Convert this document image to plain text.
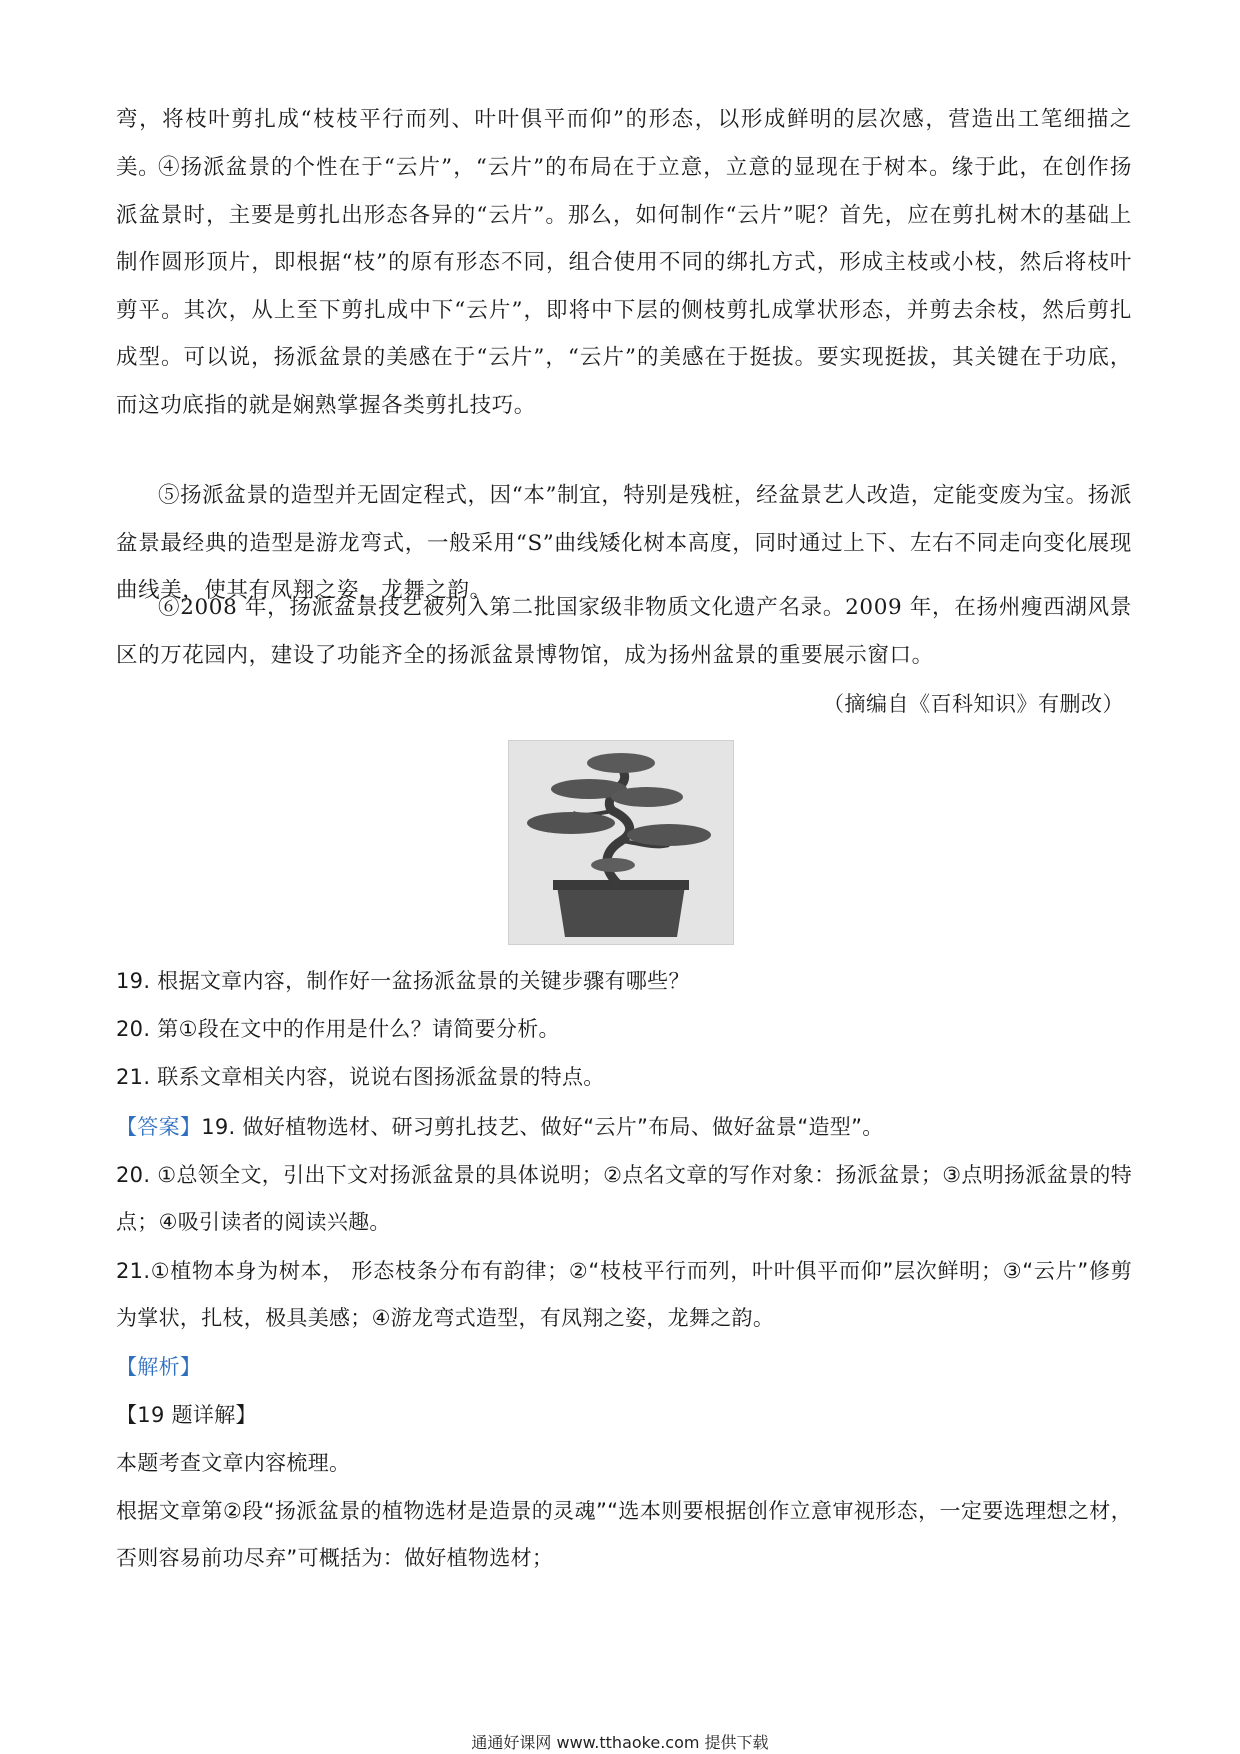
弯，将枝叶剪扎成“枝枝平行而列、叶叶俱平而仰”的形态，以形成鲜明的层次感，营造出工笔细描之美。
④扬派盆景的个性在于“云片”，“云片”的布局在于立意，立意的显现在于树本。缘于此，在创作扬派盆景时，主要是剪扎出形态各异的“云片”。那么，如何制作“云片”呢？首先，应在剪扎树木的基础上制作圆形顶片，即根据“枝”的原有形态不同，组合使用不同的绑扎方式，形成主枝或小枝，然后将枝叶剪平。其次，从上至下剪扎成中下“云片”，即将中下层的侧枝剪扎成掌状形态，并剪去余枝，然后剪扎成型。可以说，扬派盆景的美感在于“云片”，“云片”的美感在于挺拔。要实现挺拔，其关键在于功底，而这功底指的就是娴熟掌握各类剪扎技巧。
⑤扬派盆景的造型并无固定程式，因“本”制宜，特别是残桩，经盆景艺人改造，定能变废为宝。扬派盆景最经典的造型是游龙弯式，一般采用“S”曲线矮化树本高度，同时通过上下、左右不同走向变化展现曲线美，使其有凤翔之姿，龙舞之韵。
⑥2008 年，扬派盆景技艺被列入第二批国家级非物质文化遗产名录。2009 年，在扬州瘦西湖风景区的万花园内，建设了功能齐全的扬派盆景博物馆，成为扬州盆景的重要展示窗口。
（摘编自《百科知识》有删改）
19. 根据文章内容，制作好一盆扬派盆景的关键步骤有哪些？
20. 第①段在文中的作用是什么？请简要分析。
21. 联系文章相关内容，说说右图扬派盆景的特点。
【答案】19. 做好植物选材、研习剪扎技艺、做好“云片”布局、做好盆景“造型”。
20. ①总领全文，引出下文对扬派盆景的具体说明；②点名文章的写作对象：扬派盆景；③点明扬派盆景的特点；④吸引读者的阅读兴趣。
21.①植物本身为树本， 形态枝条分布有韵律；②“枝枝平行而列，叶叶俱平而仰”层次鲜明；③“云片”修剪为掌状，扎枝，极具美感；④游龙弯式造型，有凤翔之姿，龙舞之韵。
【解析】
【19 题详解】
本题考查文章内容梳理。
根据文章第②段“扬派盆景的植物选材是造景的灵魂”“选本则要根据创作立意审视形态，一定要选理想之材，否则容易前功尽弃”可概括为：做好植物选材；
通通好课网 www.tthaoke.com 提供下载
